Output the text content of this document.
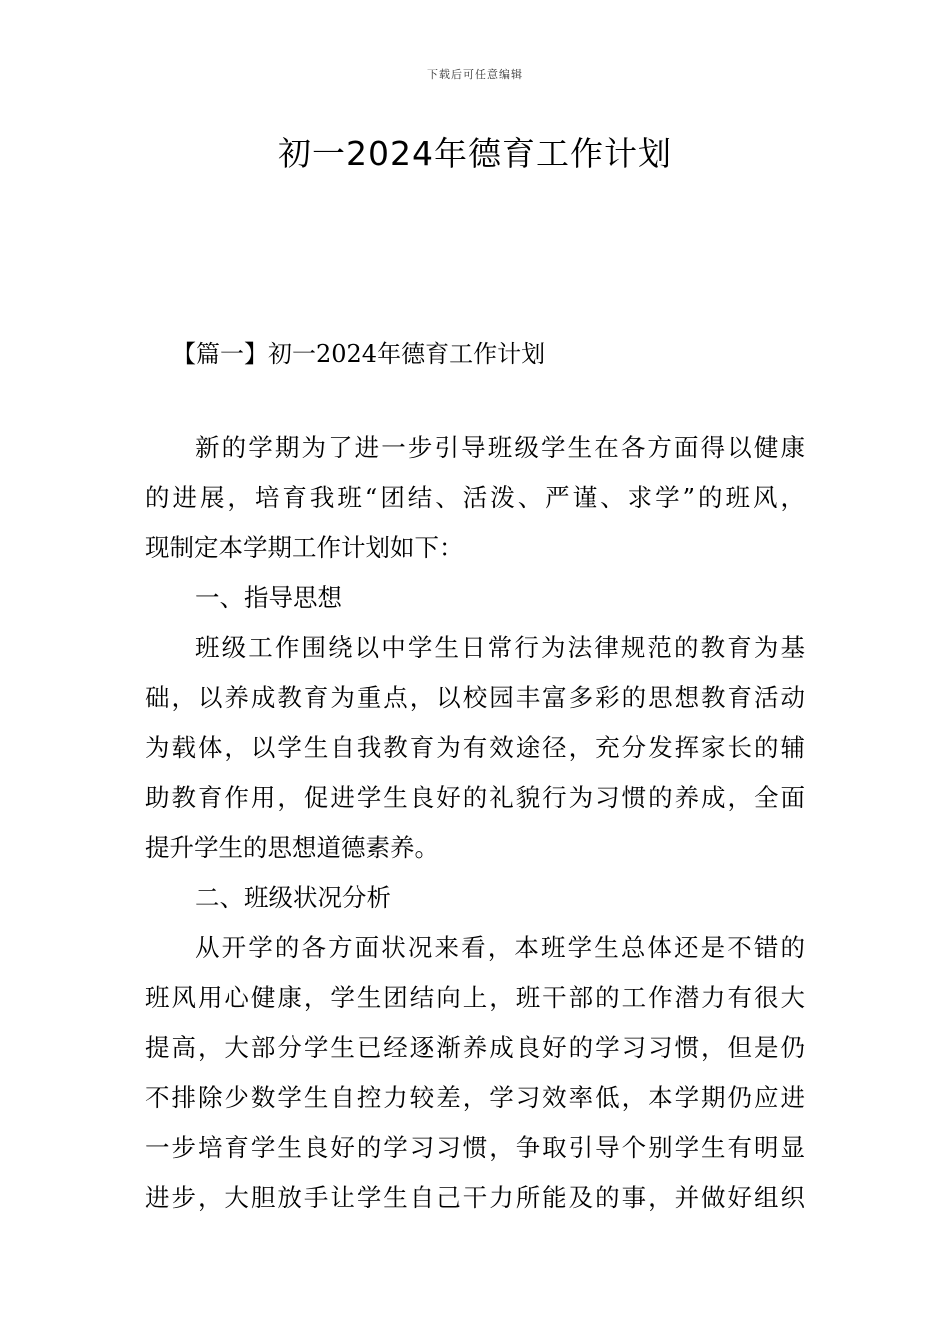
下载后可任意编辑
初一2024年德育工作计划
【篇一】初一2024年德育工作计划
新的学期为了进一步引导班级学生在各方面得以健康
的进展，培育我班“团结、活泼、严谨、求学”的班风，
现制定本学期工作计划如下：
一、指导思想
班级工作围绕以中学生日常行为法律规范的教育为基
础，以养成教育为重点，以校园丰富多彩的思想教育活动
为载体，以学生自我教育为有效途径，充分发挥家长的辅
助教育作用，促进学生良好的礼貌行为习惯的养成，全面
提升学生的思想道德素养。
二、班级状况分析
从开学的各方面状况来看，本班学生总体还是不错的
班风用心健康，学生团结向上，班干部的工作潜力有很大
提高，大部分学生已经逐渐养成良好的学习习惯，但是仍
不排除少数学生自控力较差，学习效率低，本学期仍应进
一步培育学生良好的学习习惯，争取引导个别学生有明显
进步，大胆放手让学生自己干力所能及的事，并做好组织
